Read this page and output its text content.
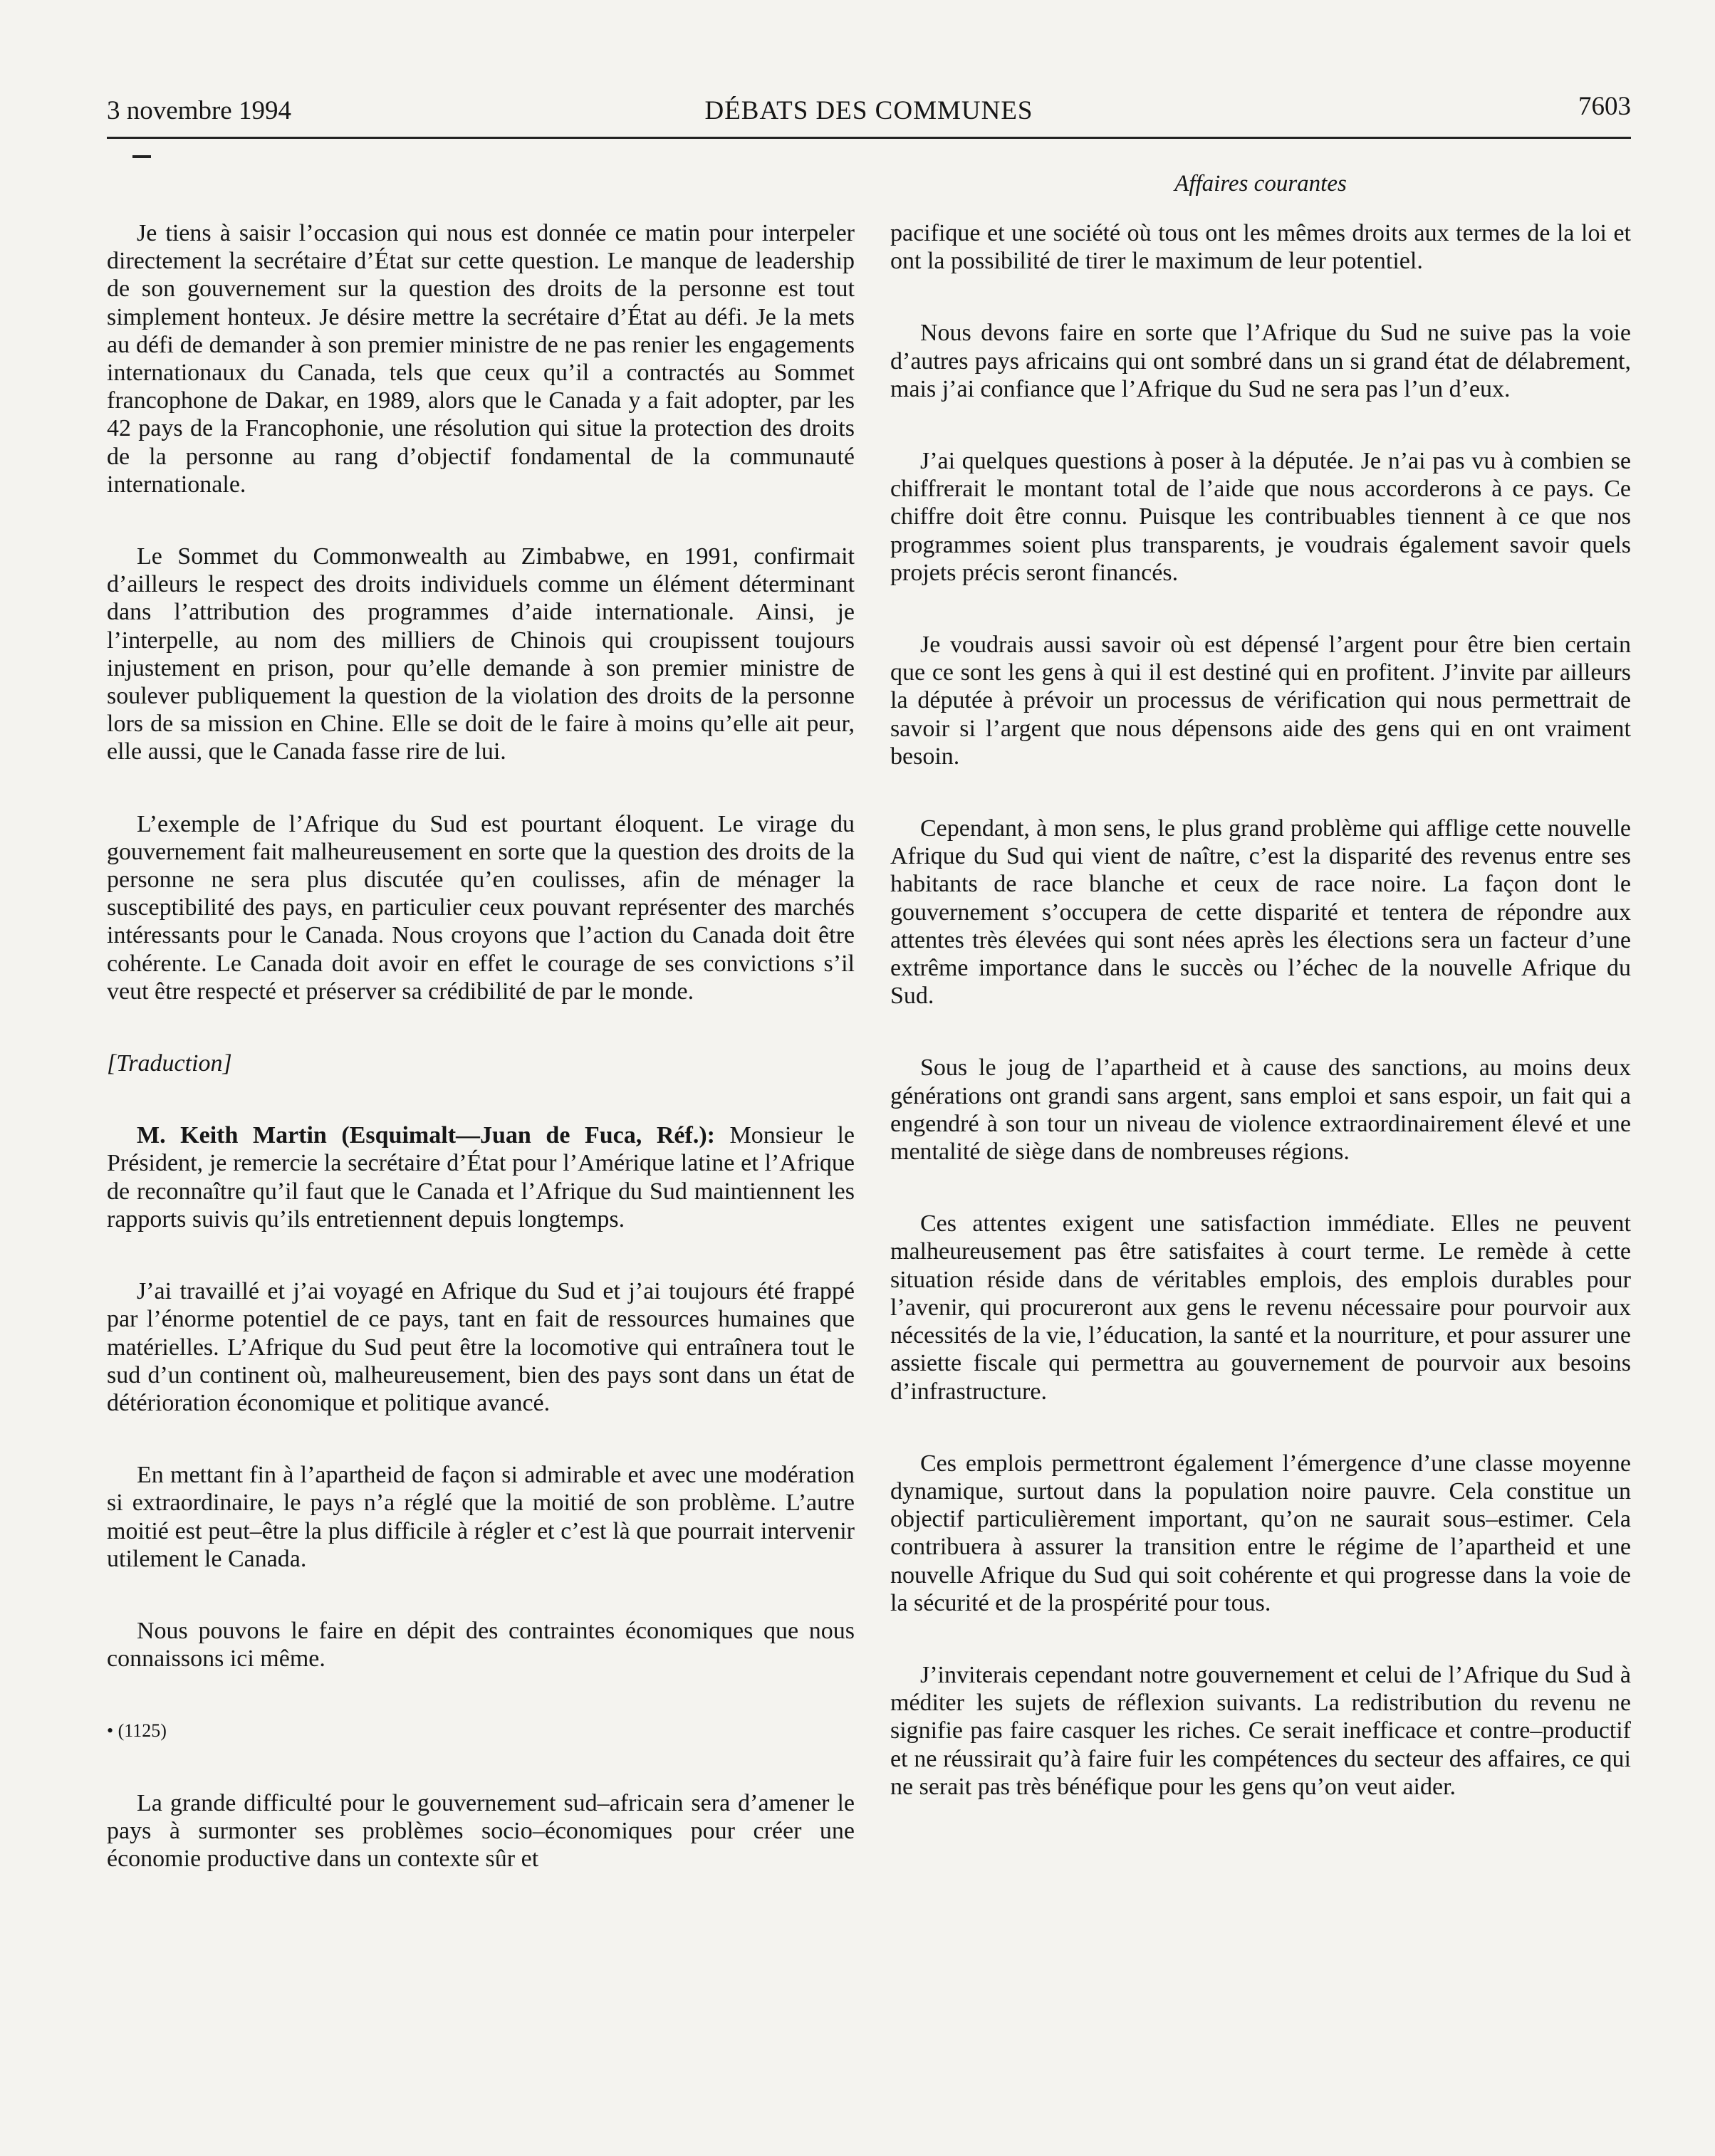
3 novembre 1994	DÉBATS DES COMMUNES	7603
Affaires courantes

Je tiens à saisir l’occasion qui nous est donnée ce matin pour interpeler directement la secrétaire d’État sur cette question. Le manque de leadership de son gouvernement sur la question des droits de la personne est tout simplement honteux. Je désire mettre la secrétaire d’État au défi. Je la mets au défi de demander à son premier ministre de ne pas renier les engagements internationaux du Canada, tels que ceux qu’il a contractés au Sommet francophone de Dakar, en 1989, alors que le Canada y a fait adopter, par les 42 pays de la Francophonie, une résolution qui situe la protection des droits de la personne au rang d’objectif fondamental de la communauté internationale.

Le Sommet du Commonwealth au Zimbabwe, en 1991, confirmait d’ailleurs le respect des droits individuels comme un élément déterminant dans l’attribution des programmes d’aide internationale. Ainsi, je l’interpelle, au nom des milliers de Chinois qui croupissent toujours injustement en prison, pour qu’elle demande à son premier ministre de soulever publiquement la question de la violation des droits de la personne lors de sa mission en Chine. Elle se doit de le faire à moins qu’elle ait peur, elle aussi, que le Canada fasse rire de lui.

L’exemple de l’Afrique du Sud est pourtant éloquent. Le virage du gouvernement fait malheureusement en sorte que la question des droits de la personne ne sera plus discutée qu’en coulisses, afin de ménager la susceptibilité des pays, en particulier ceux pouvant représenter des marchés intéressants pour le Canada. Nous croyons que l’action du Canada doit être cohérente. Le Canada doit avoir en effet le courage de ses convictions s’il veut être respecté et préserver sa crédibilité de par le monde.

[Traduction]

M. Keith Martin (Esquimalt—Juan de Fuca, Réf.): Monsieur le Président, je remercie la secrétaire d’État pour l’Amérique latine et l’Afrique de reconnaître qu’il faut que le Canada et l’Afrique du Sud maintiennent les rapports suivis qu’ils entretiennent depuis longtemps.

J’ai travaillé et j’ai voyagé en Afrique du Sud et j’ai toujours été frappé par l’énorme potentiel de ce pays, tant en fait de ressources humaines que matérielles. L’Afrique du Sud peut être la locomotive qui entraînera tout le sud d’un continent où, malheureusement, bien des pays sont dans un état de détérioration économique et politique avancé.

En mettant fin à l’apartheid de façon si admirable et avec une modération si extraordinaire, le pays n’a réglé que la moitié de son problème. L’autre moitié est peut–être la plus difficile à régler et c’est là que pourrait intervenir utilement le Canada.

Nous pouvons le faire en dépit des contraintes économiques que nous connaissons ici même.

• (1125)

La grande difficulté pour le gouvernement sud–africain sera d’amener le pays à surmonter ses problèmes socio–économiques pour créer une économie productive dans un contexte sûr et

pacifique et une société où tous ont les mêmes droits aux termes de la loi et ont la possibilité de tirer le maximum de leur potentiel.

Nous devons faire en sorte que l’Afrique du Sud ne suive pas la voie d’autres pays africains qui ont sombré dans un si grand état de délabrement, mais j’ai confiance que l’Afrique du Sud ne sera pas l’un d’eux.

J’ai quelques questions à poser à la députée. Je n’ai pas vu à combien se chiffrerait le montant total de l’aide que nous accorderons à ce pays. Ce chiffre doit être connu. Puisque les contribuables tiennent à ce que nos programmes soient plus transparents, je voudrais également savoir quels projets précis seront financés.

Je voudrais aussi savoir où est dépensé l’argent pour être bien certain que ce sont les gens à qui il est destiné qui en profitent. J’invite par ailleurs la députée à prévoir un processus de vérification qui nous permettrait de savoir si l’argent que nous dépensons aide des gens qui en ont vraiment besoin.

Cependant, à mon sens, le plus grand problème qui afflige cette nouvelle Afrique du Sud qui vient de naître, c’est la disparité des revenus entre ses habitants de race blanche et ceux de race noire. La façon dont le gouvernement s’occupera de cette disparité et tentera de répondre aux attentes très élevées qui sont nées après les élections sera un facteur d’une extrême importance dans le succès ou l’échec de la nouvelle Afrique du Sud.

Sous le joug de l’apartheid et à cause des sanctions, au moins deux générations ont grandi sans argent, sans emploi et sans espoir, un fait qui a engendré à son tour un niveau de violence extraordinairement élevé et une mentalité de siège dans de nombreuses régions.

Ces attentes exigent une satisfaction immédiate. Elles ne peuvent malheureusement pas être satisfaites à court terme. Le remède à cette situation réside dans de véritables emplois, des emplois durables pour l’avenir, qui procureront aux gens le revenu nécessaire pour pourvoir aux nécessités de la vie, l’éducation, la santé et la nourriture, et pour assurer une assiette fiscale qui permettra au gouvernement de pourvoir aux besoins d’infrastructure.

Ces emplois permettront également l’émergence d’une classe moyenne dynamique, surtout dans la population noire pauvre. Cela constitue un objectif particulièrement important, qu’on ne saurait sous–estimer. Cela contribuera à assurer la transition entre le régime de l’apartheid et une nouvelle Afrique du Sud qui soit cohérente et qui progresse dans la voie de la sécurité et de la prospérité pour tous.

J’inviterais cependant notre gouvernement et celui de l’Afrique du Sud à méditer les sujets de réflexion suivants. La redistribution du revenu ne signifie pas faire casquer les riches. Ce serait inefficace et contre–productif et ne réussirait qu’à faire fuir les compétences du secteur des affaires, ce qui ne serait pas très bénéfique pour les gens qu’on veut aider.
